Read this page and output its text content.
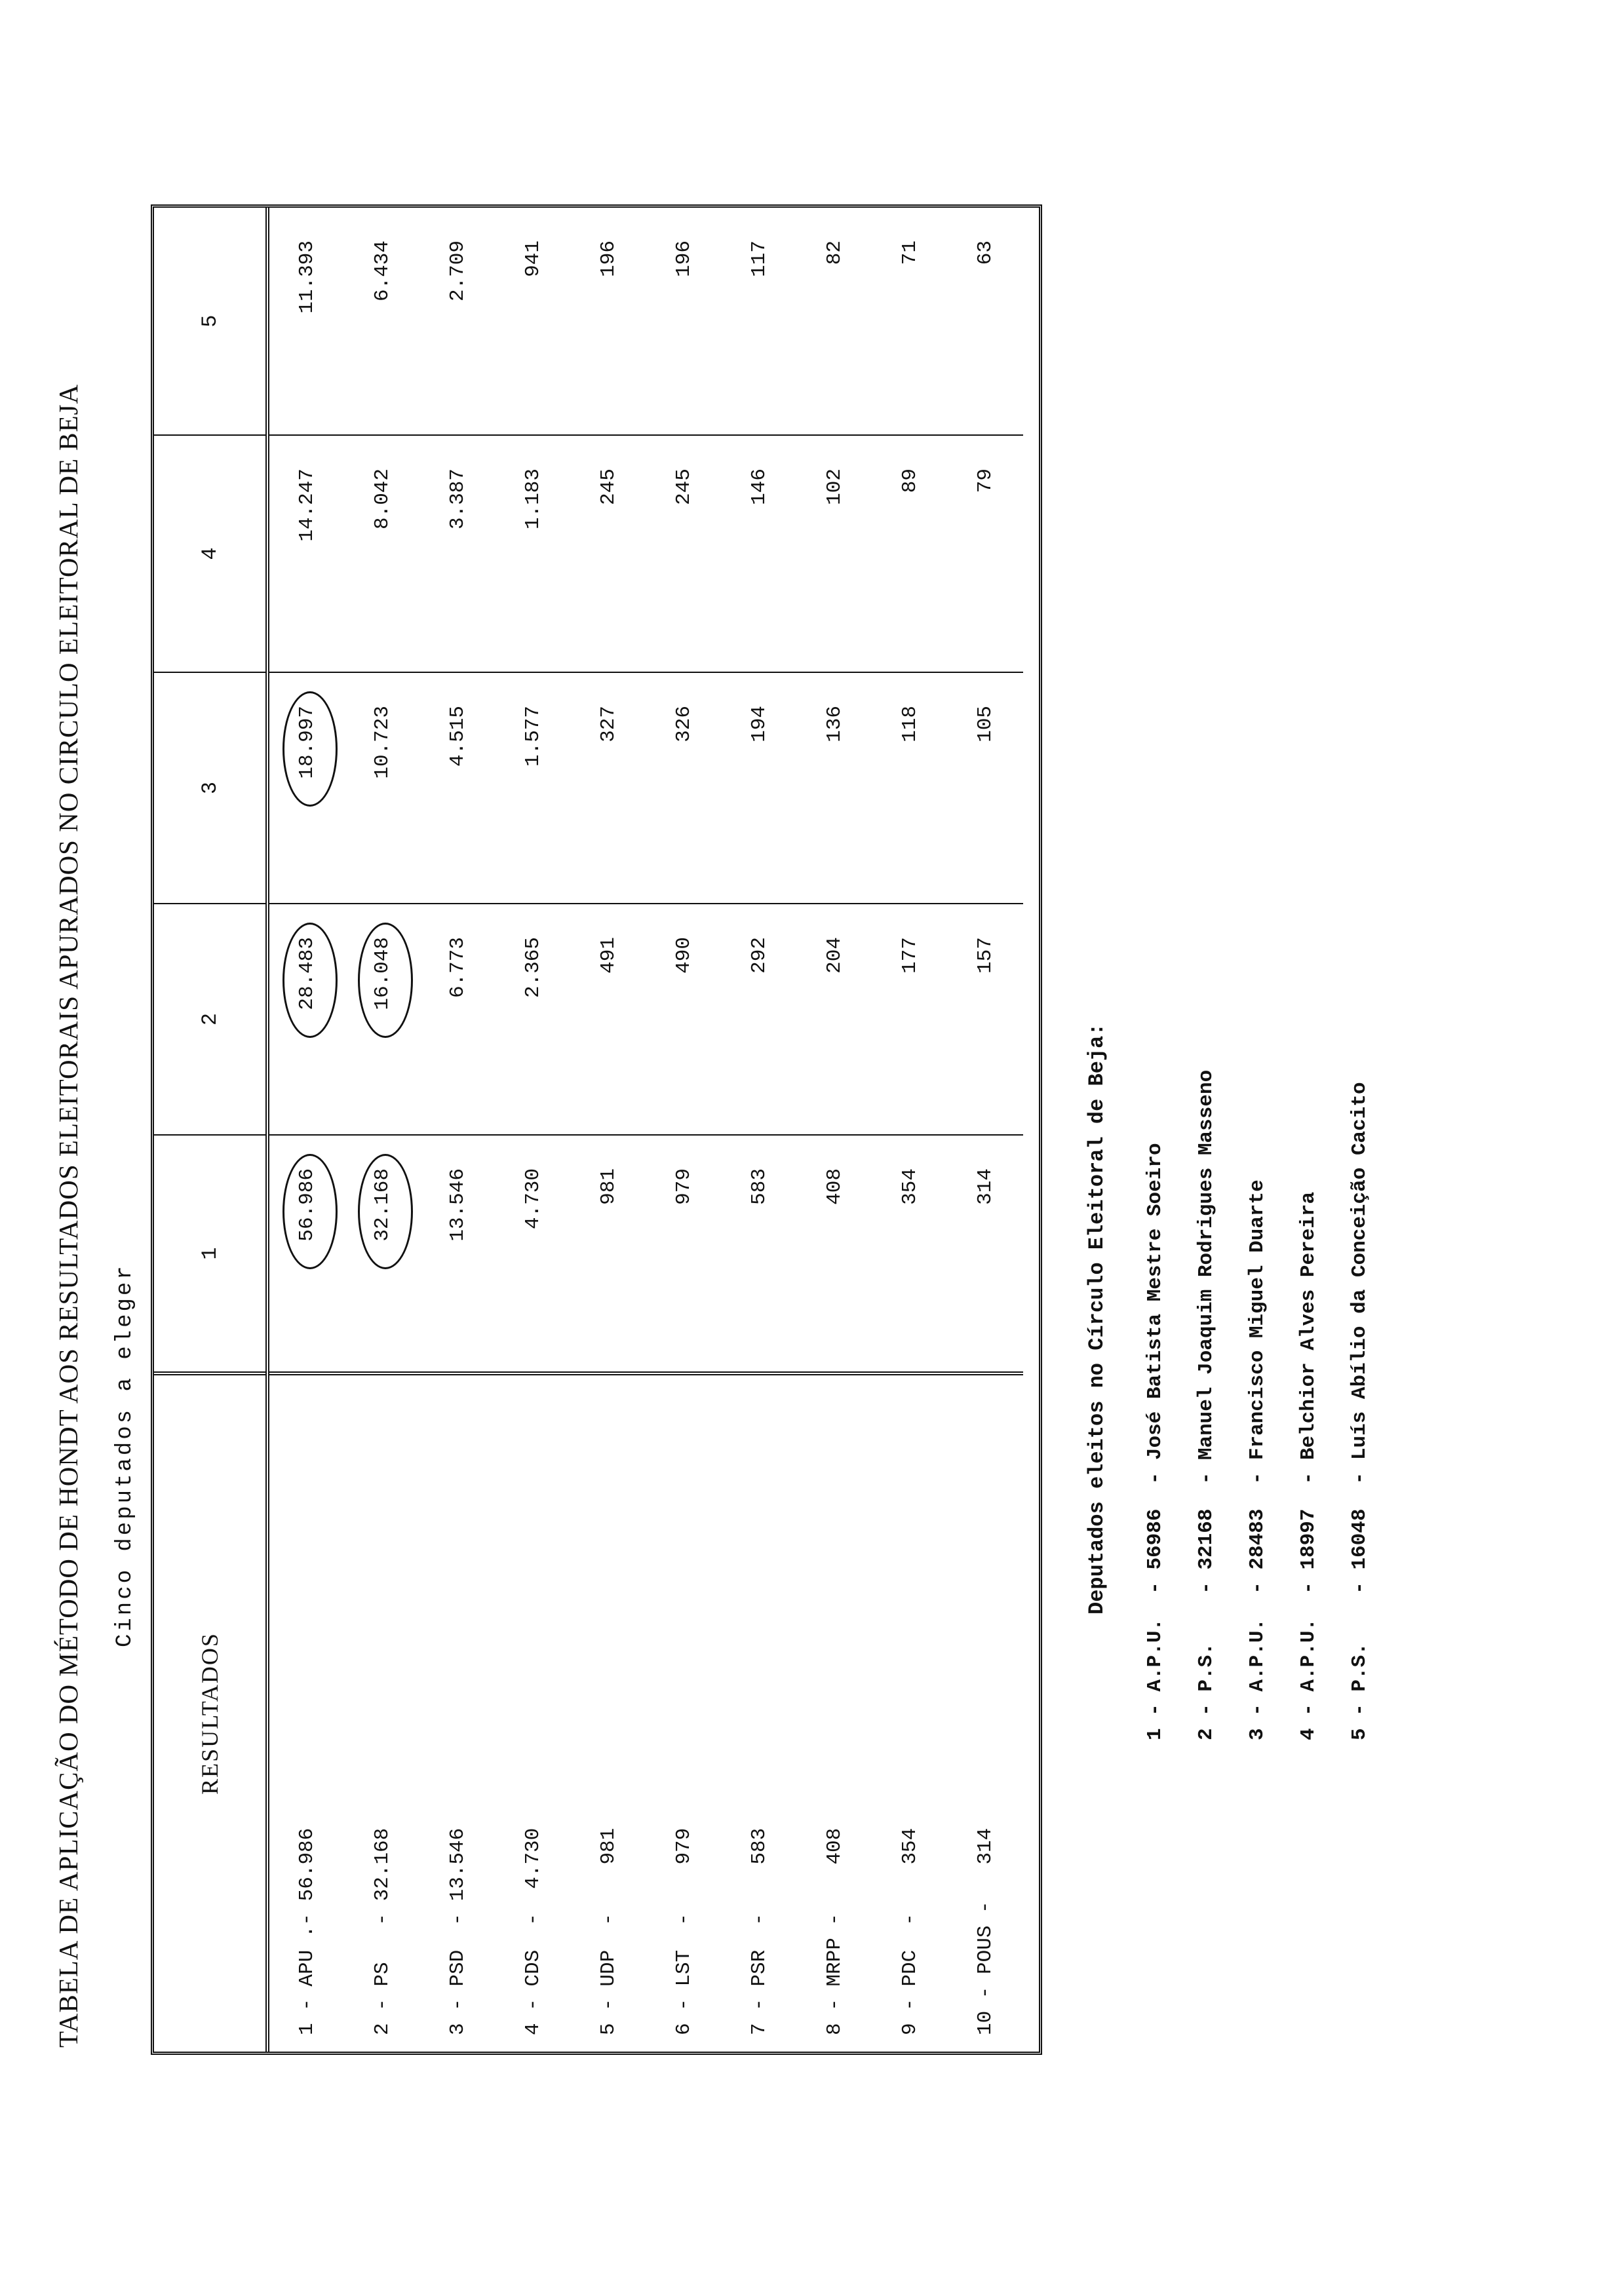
TABELA DE APLICAÇÃO DO MÉTODO DE HONDT AOS RESULTADOS ELEITORAIS APURADOS NO CIRCULO ELEITORAL DE BEJA Cinco deputados a eleger
RESULTADOS
1
2
3
4
5
1 - APU .- 56.986
56.986
28.483
18.997
14.247
11.393
2 - PS   - 32.168
32.168
16.048
10.723
8.042
6.434
3 - PSD  - 13.546
13.546
6.773
4.515
3.387
2.709
4 - CDS  -  4.730
4.730
2.365
1.577
1.183
941
5 - UDP  -    981
981
491
327
245
196
6 - LST  -    979
979
490
326
245
196
7 - PSR  -    583
583
292
194
146
117
8 - MRPP -    408
408
204
136
102
82
9 - PDC  -    354
354
177
118
89
71
10 - POUS -   314
314
157
105
79
63
Deputados eleitos no Círculo Eleitoral de Beja: 1 - A.P.U.  - 56986  - José Batista Mestre Soeiro 2 - P.S.    - 32168  - Manuel Joaquim Rodrigues Masseno 3 - A.P.U.  - 28483  - Francisco Miguel Duarte 4 - A.P.U.  - 18997  - Belchior Alves Pereira 5 - P.S.    - 16048  - Luís Abílio da Conceição Cacito
